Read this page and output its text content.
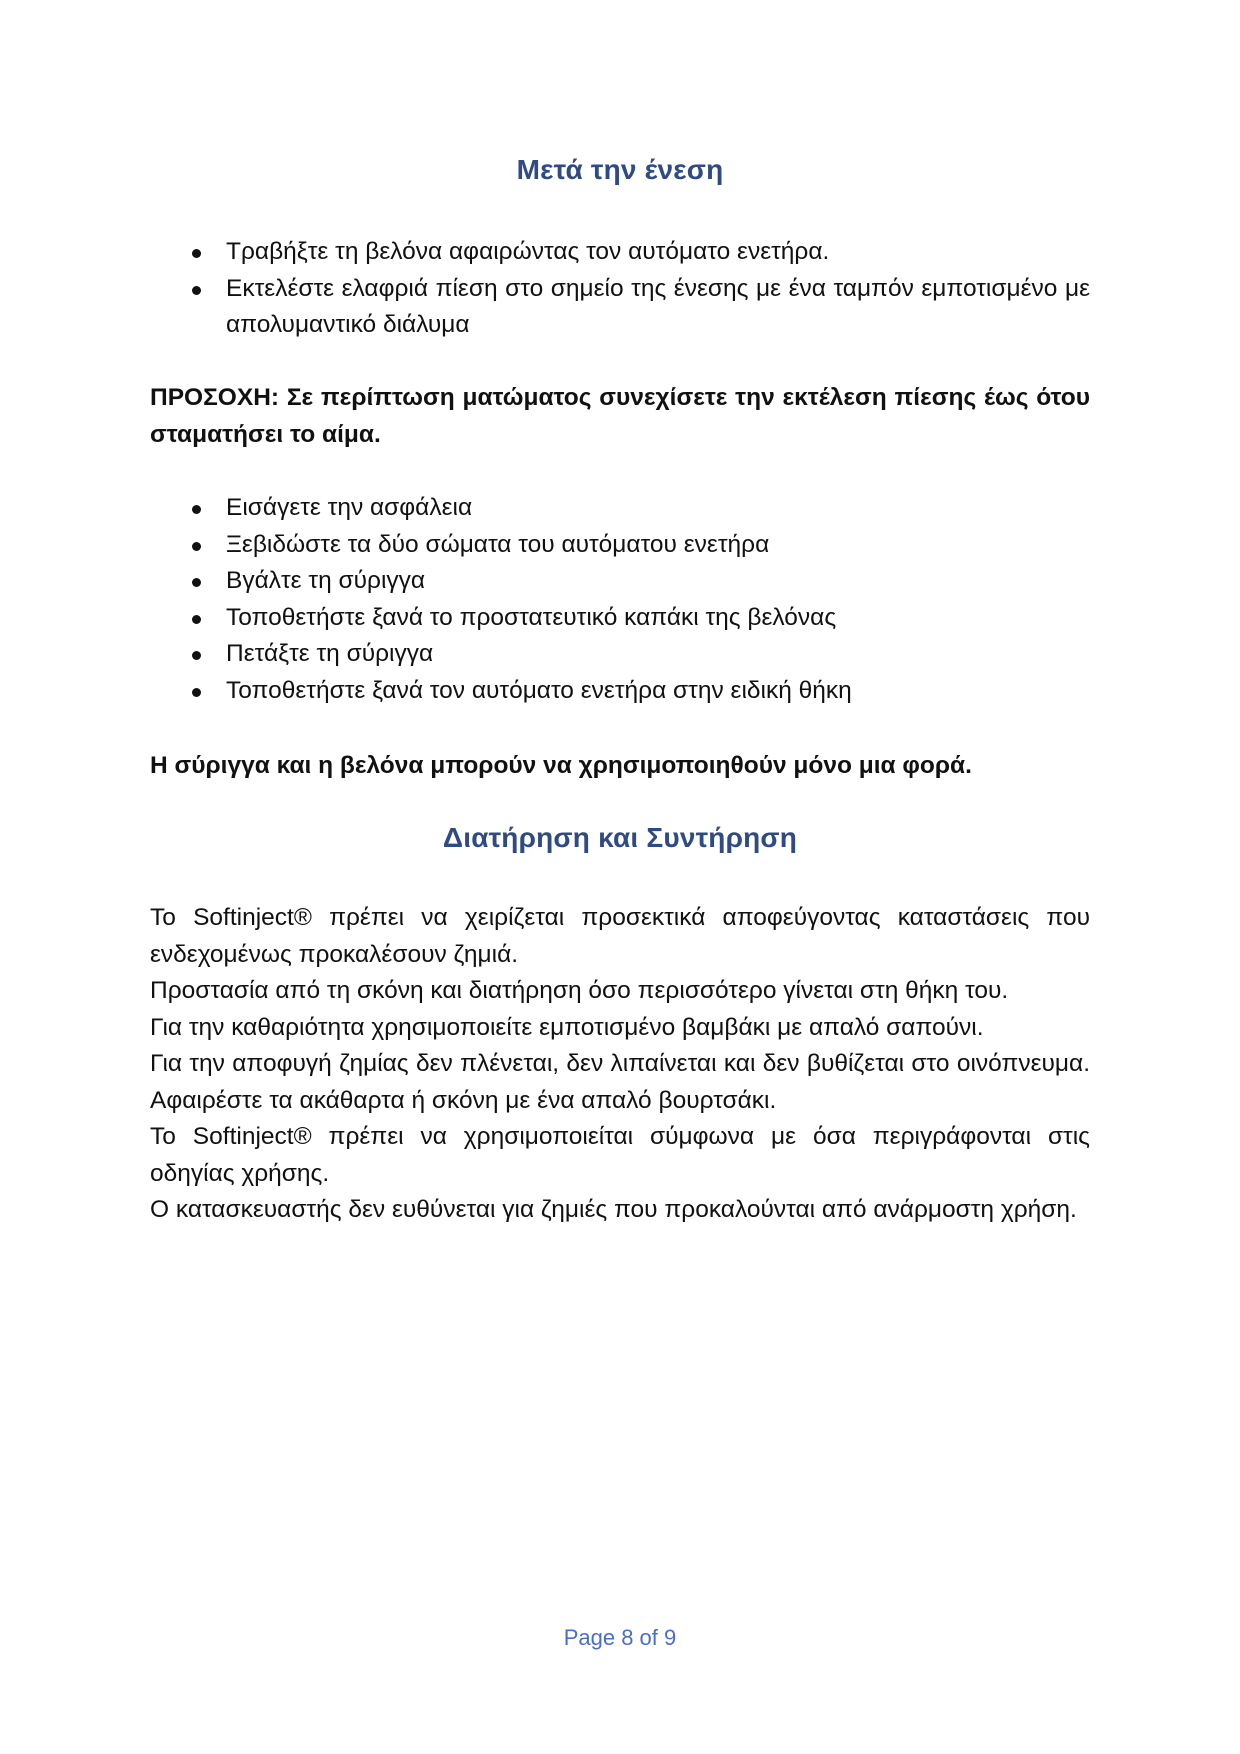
Μετά την ένεση
Τραβήξτε τη βελόνα αφαιρώντας τον αυτόματο ενετήρα.
Εκτελέστε ελαφριά πίεση στο σημείο της ένεσης με ένα ταμπόν εμποτισμένο με απολυμαντικό διάλυμα
ΠΡΟΣΟΧΗ: Σε περίπτωση ματώματος συνεχίσετε την εκτέλεση πίεσης έως ότου σταματήσει το αίμα.
Εισάγετε την ασφάλεια
Ξεβιδώστε τα δύο σώματα του αυτόματου ενετήρα
Βγάλτε τη σύριγγα
Τοποθετήστε ξανά το προστατευτικό καπάκι της βελόνας
Πετάξτε τη σύριγγα
Τοποθετήστε ξανά τον αυτόματο ενετήρα στην ειδική θήκη
Η σύριγγα και η βελόνα μπορούν να χρησιμοποιηθούν μόνο μια φορά.
Διατήρηση και Συντήρηση

Το Softinject® πρέπει να χειρίζεται προσεκτικά αποφεύγοντας καταστάσεις που ενδεχομένως προκαλέσουν ζημιά.

Προστασία από τη σκόνη και διατήρηση όσο περισσότερο γίνεται στη θήκη του.

Για την καθαριότητα χρησιμοποιείτε εμποτισμένο βαμβάκι με απαλό σαπούνι.

Για την αποφυγή ζημίας δεν πλένεται, δεν λιπαίνεται και δεν βυθίζεται στο οινόπνευμα. Αφαιρέστε τα ακάθαρτα ή σκόνη με ένα απαλό βουρτσάκι.

Το Softinject® πρέπει να χρησιμοποιείται σύμφωνα με όσα περιγράφονται στις οδηγίας χρήσης.

Ο κατασκευαστής δεν ευθύνεται για ζημιές που προκαλούνται από ανάρμοστη χρήση.

Page 8 of 9
